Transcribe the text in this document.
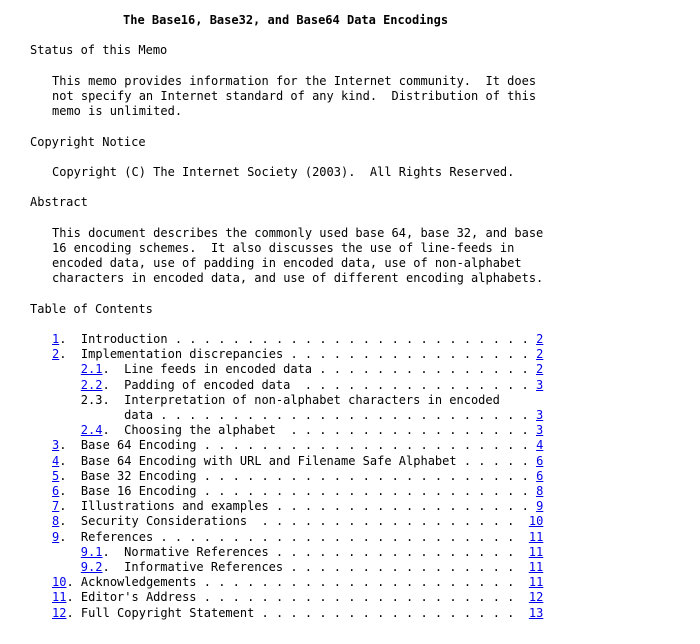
The Base16, Base32, and Base64 Data Encodings
Status of this Memo
This memo provides information for the Internet community.  It does
not specify an Internet standard of any kind.  Distribution of this
memo is unlimited.
Copyright Notice
Copyright (C) The Internet Society (2003).  All Rights Reserved.
Abstract
This document describes the commonly used base 64, base 32, and base
16 encoding schemes.  It also discusses the use of line-feeds in
encoded data, use of padding in encoded data, use of non-alphabet
characters in encoded data, and use of different encoding alphabets.
Table of Contents
1. Introduction . . . . . . . . . . . . . . . . . . . . . . . . . 2
2. Implementation discrepancies . . . . . . . . . . . . . . . . . 2
2.1. Line feeds in encoded data . . . . . . . . . . . . . . . 2
2.2. Padding of encoded data  . . . . . . . . . . . . . . . . 3
2.3. Interpretation of non-alphabet characters in encoded
data . . . . . . . . . . . . . . . . . . . . . . . . . . 3
2.4. Choosing the alphabet  . . . . . . . . . . . . . . . . . 3
3. Base 64 Encoding . . . . . . . . . . . . . . . . . . . . . . . 4
4. Base 64 Encoding with URL and Filename Safe Alphabet . . . . . 6
5. Base 32 Encoding . . . . . . . . . . . . . . . . . . . . . . . 6
6. Base 16 Encoding . . . . . . . . . . . . . . . . . . . . . . . 8
7. Illustrations and examples . . . . . . . . . . . . . . . . . . 9
8. Security Considerations  . . . . . . . . . . . . . . . . . .  10
9. References . . . . . . . . . . . . . . . . . . . . . . . . .  11
9.1. Normative References . . . . . . . . . . . . . . . . .  11
9.2. Informative References . . . . . . . . . . . . . . . .  11
10. Acknowledgements . . . . . . . . . . . . . . . . . . . . . .  11
11. Editor's Address . . . . . . . . . . . . . . . . . . . . . .  12
12. Full Copyright Statement . . . . . . . . . . . . . . . . . .  13
